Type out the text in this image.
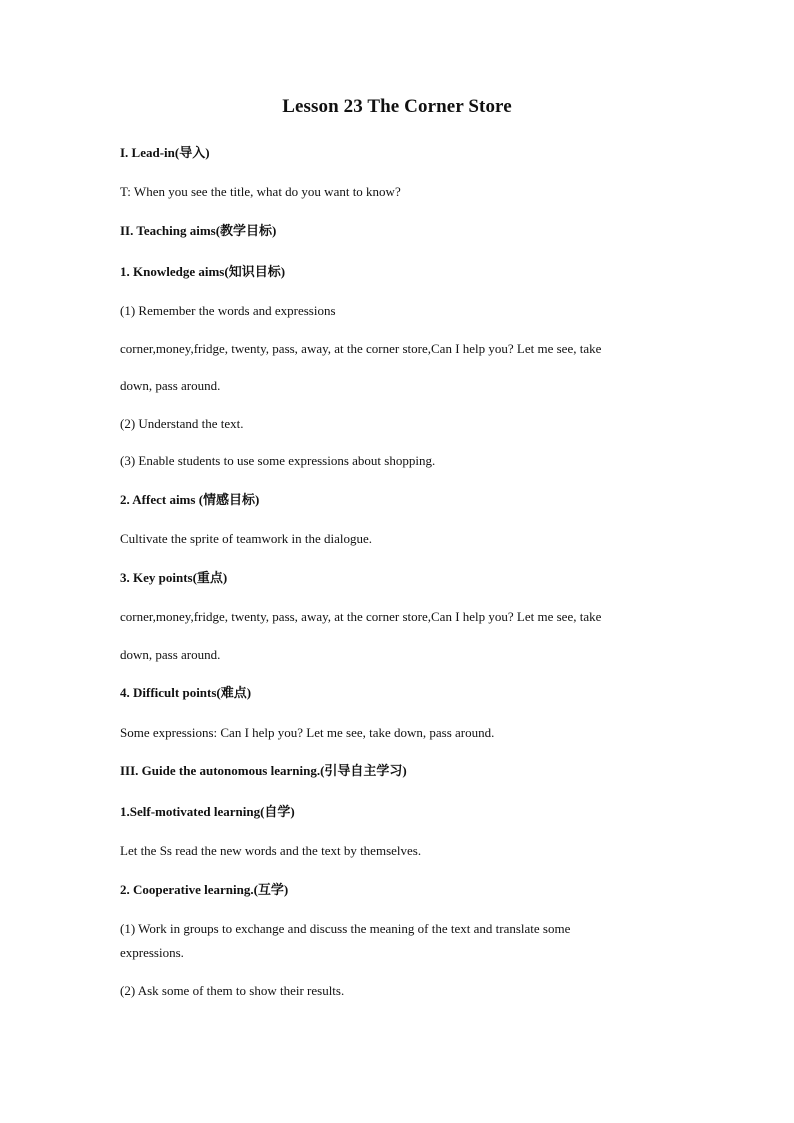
Lesson 23 The Corner Store
I. Lead-in(导入)
T: When you see the title, what do you want to know?
II. Teaching aims(教学目标)
1. Knowledge aims(知识目标)
(1) Remember the words and expressions
corner,money,fridge, twenty, pass, away, at the corner store,Can I help you? Let me see, take
down, pass around.
(2) Understand the text.
(3) Enable students to use some expressions about shopping.
2. Affect aims (情感目标)
Cultivate the sprite of teamwork in the dialogue.
3. Key points(重点)
corner,money,fridge, twenty, pass, away, at the corner store,Can I help you? Let me see, take
down, pass around.
4. Difficult points(难点)
Some expressions: Can I help you? Let me see, take down, pass around.
III. Guide the autonomous learning.(引导自主学习)
1.Self-motivated learning(自学)
Let the Ss read the new words and the text by themselves.
2. Cooperative learning.(互学)
(1) Work in groups to exchange and discuss the meaning of the text and translate some
expressions.
(2) Ask some of them to show their results.
